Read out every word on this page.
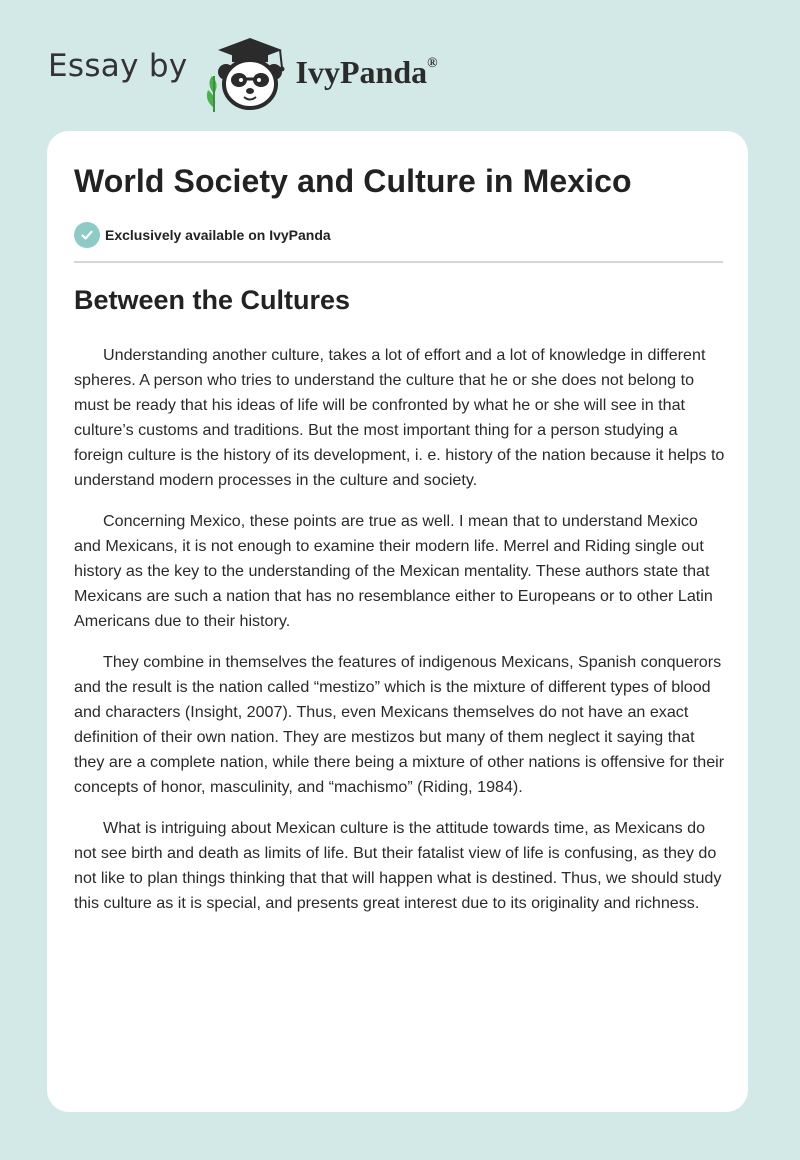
Essay by	IvyPanda®
World Society and Culture in Mexico
Exclusively available on IvyPanda
Between the Cultures

Understanding another culture, takes a lot of effort and a lot of knowledge in different spheres. A person who tries to understand the culture that he or she does not belong to must be ready that his ideas of life will be confronted by what he or she will see in that culture’s customs and traditions. But the most important thing for a person studying a foreign culture is the history of its development, i. e. history of the nation because it helps to understand modern processes in the culture and society.

Concerning Mexico, these points are true as well. I mean that to understand Mexico and Mexicans, it is not enough to examine their modern life. Merrel and Riding single out history as the key to the understanding of the Mexican mentality. These authors state that Mexicans are such a nation that has no resemblance either to Europeans or to other Latin Americans due to their history.

They combine in themselves the features of indigenous Mexicans, Spanish conquerors and the result is the nation called “mestizo” which is the mixture of different types of blood and characters (Insight, 2007). Thus, even Mexicans themselves do not have an exact definition of their own nation. They are mestizos but many of them neglect it saying that they are a complete nation, while there being a mixture of other nations is offensive for their concepts of honor, masculinity, and “machismo” (Riding, 1984).

What is intriguing about Mexican culture is the attitude towards time, as Mexicans do not see birth and death as limits of life. But their fatalist view of life is confusing, as they do not like to plan things thinking that that will happen what is destined. Thus, we should study this culture as it is special, and presents great interest due to its originality and richness.
